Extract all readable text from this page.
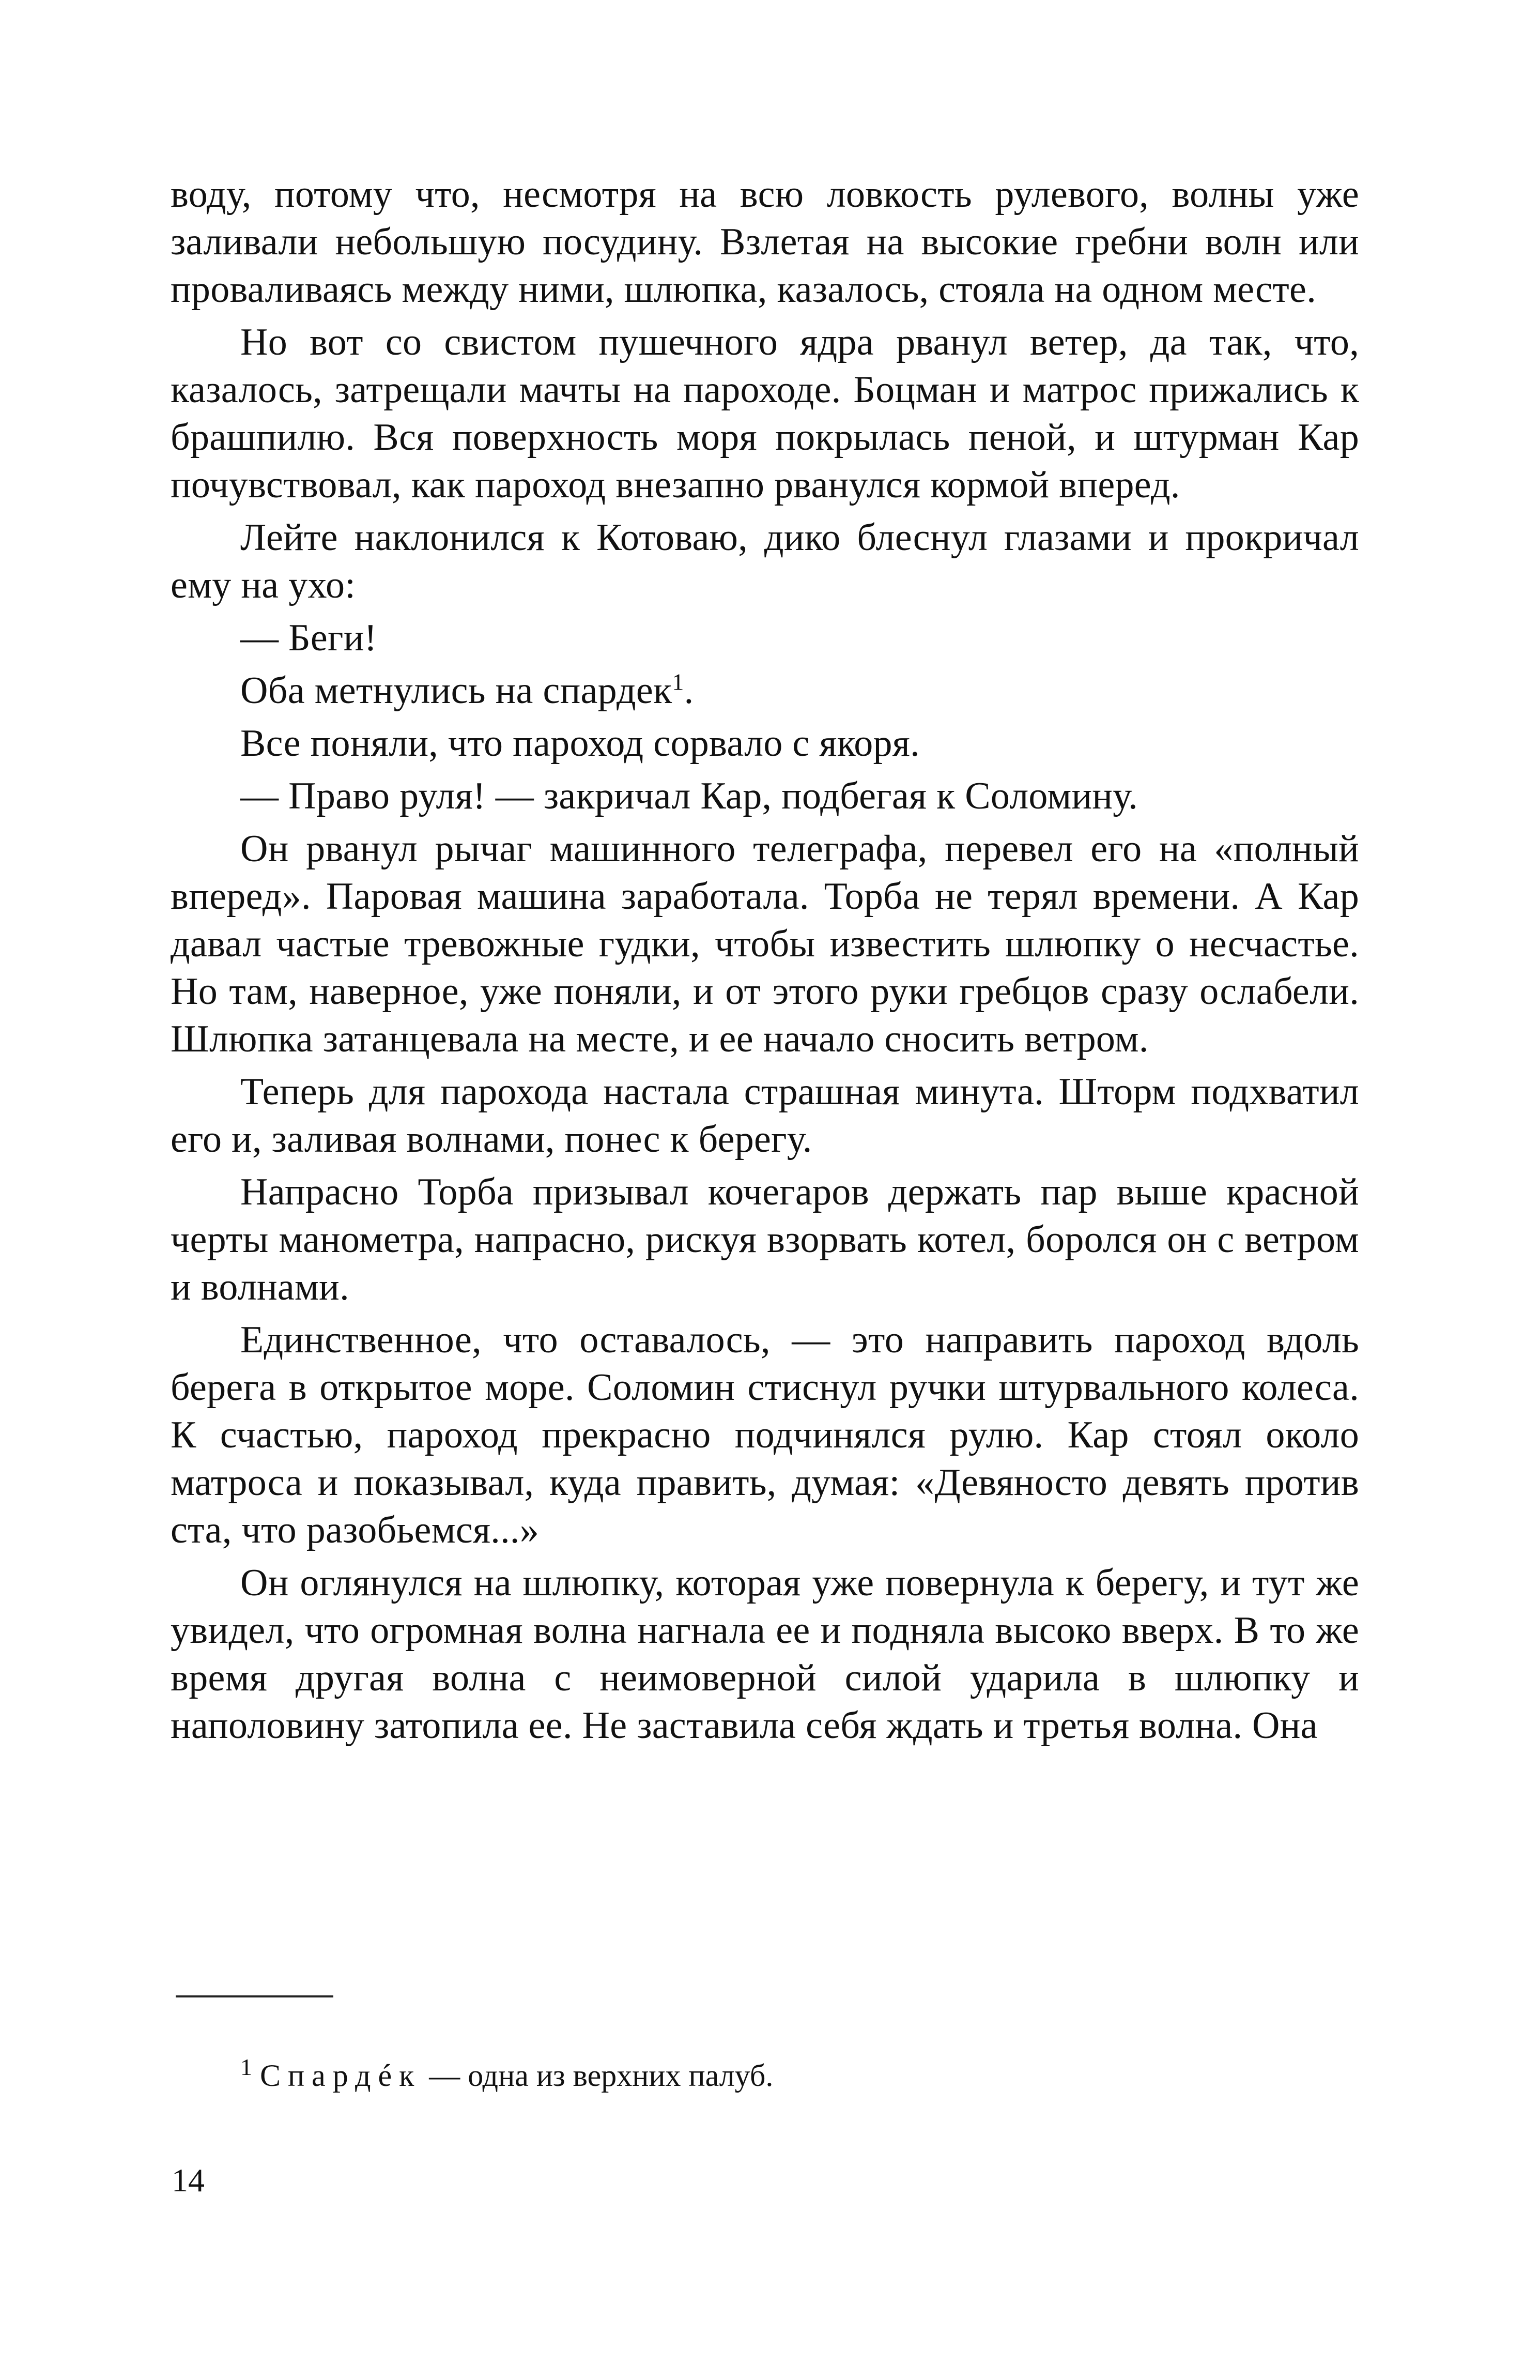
воду, потому что, несмотря на всю ловкость рулевого, волны уже заливали небольшую посудину. Взлетая на высокие гребни волн или проваливаясь между ними, шлюпка, казалось, стояла на одном месте.

Но вот со свистом пушечного ядра рванул ветер, да так, что, казалось, затрещали мачты на пароходе. Боцман и матрос прижались к брашпилю. Вся поверхность моря покрылась пеной, и штурман Кар почувствовал, как пароход внезапно рванулся кормой вперед.

Лейте наклонился к Котоваю, дико блеснул глазами и прокричал ему на ухо:

— Беги!

Оба метнулись на спардек$^1$.

Все поняли, что пароход сорвало с якоря.

— Право руля! — закричал Кар, подбегая к Соломину.

Он рванул рычаг машинного телеграфа, перевел его на «полный вперед». Паровая машина заработала. Торба не терял времени. А Кар давал частые тревожные гудки, чтобы известить шлюпку о несчастье. Но там, наверное, уже поняли, и от этого руки гребцов сразу ослабели. Шлюпка затанцевала на месте, и ее начало сносить ветром.

Теперь для парохода настала страшная минута. Шторм подхватил его и, заливая волнами, понес к берегу.

Напрасно Торба призывал кочегаров держать пар выше красной черты манометра, напрасно, рискуя взорвать котел, боролся он с ветром и волнами.

Единственное, что оставалось, — это направить пароход вдоль берега в открытое море. Соломин стиснул ручки штурвального колеса. К счастью, пароход прекрасно подчинялся рулю. Кар стоял около матроса и показывал, куда править, думая: «Девяносто девять против ста, что разобьемся...»

Он оглянулся на шлюпку, которая уже повернула к берегу, и тут же увидел, что огромная волна нагнала ее и подняла высоко вверх. В то же время другая волна с неимоверной силой ударила в шлюпку и наполовину затопила ее. Не заставила себя ждать и третья волна. Она

$^1$ Спардéк — одна из верхних палуб.
14
